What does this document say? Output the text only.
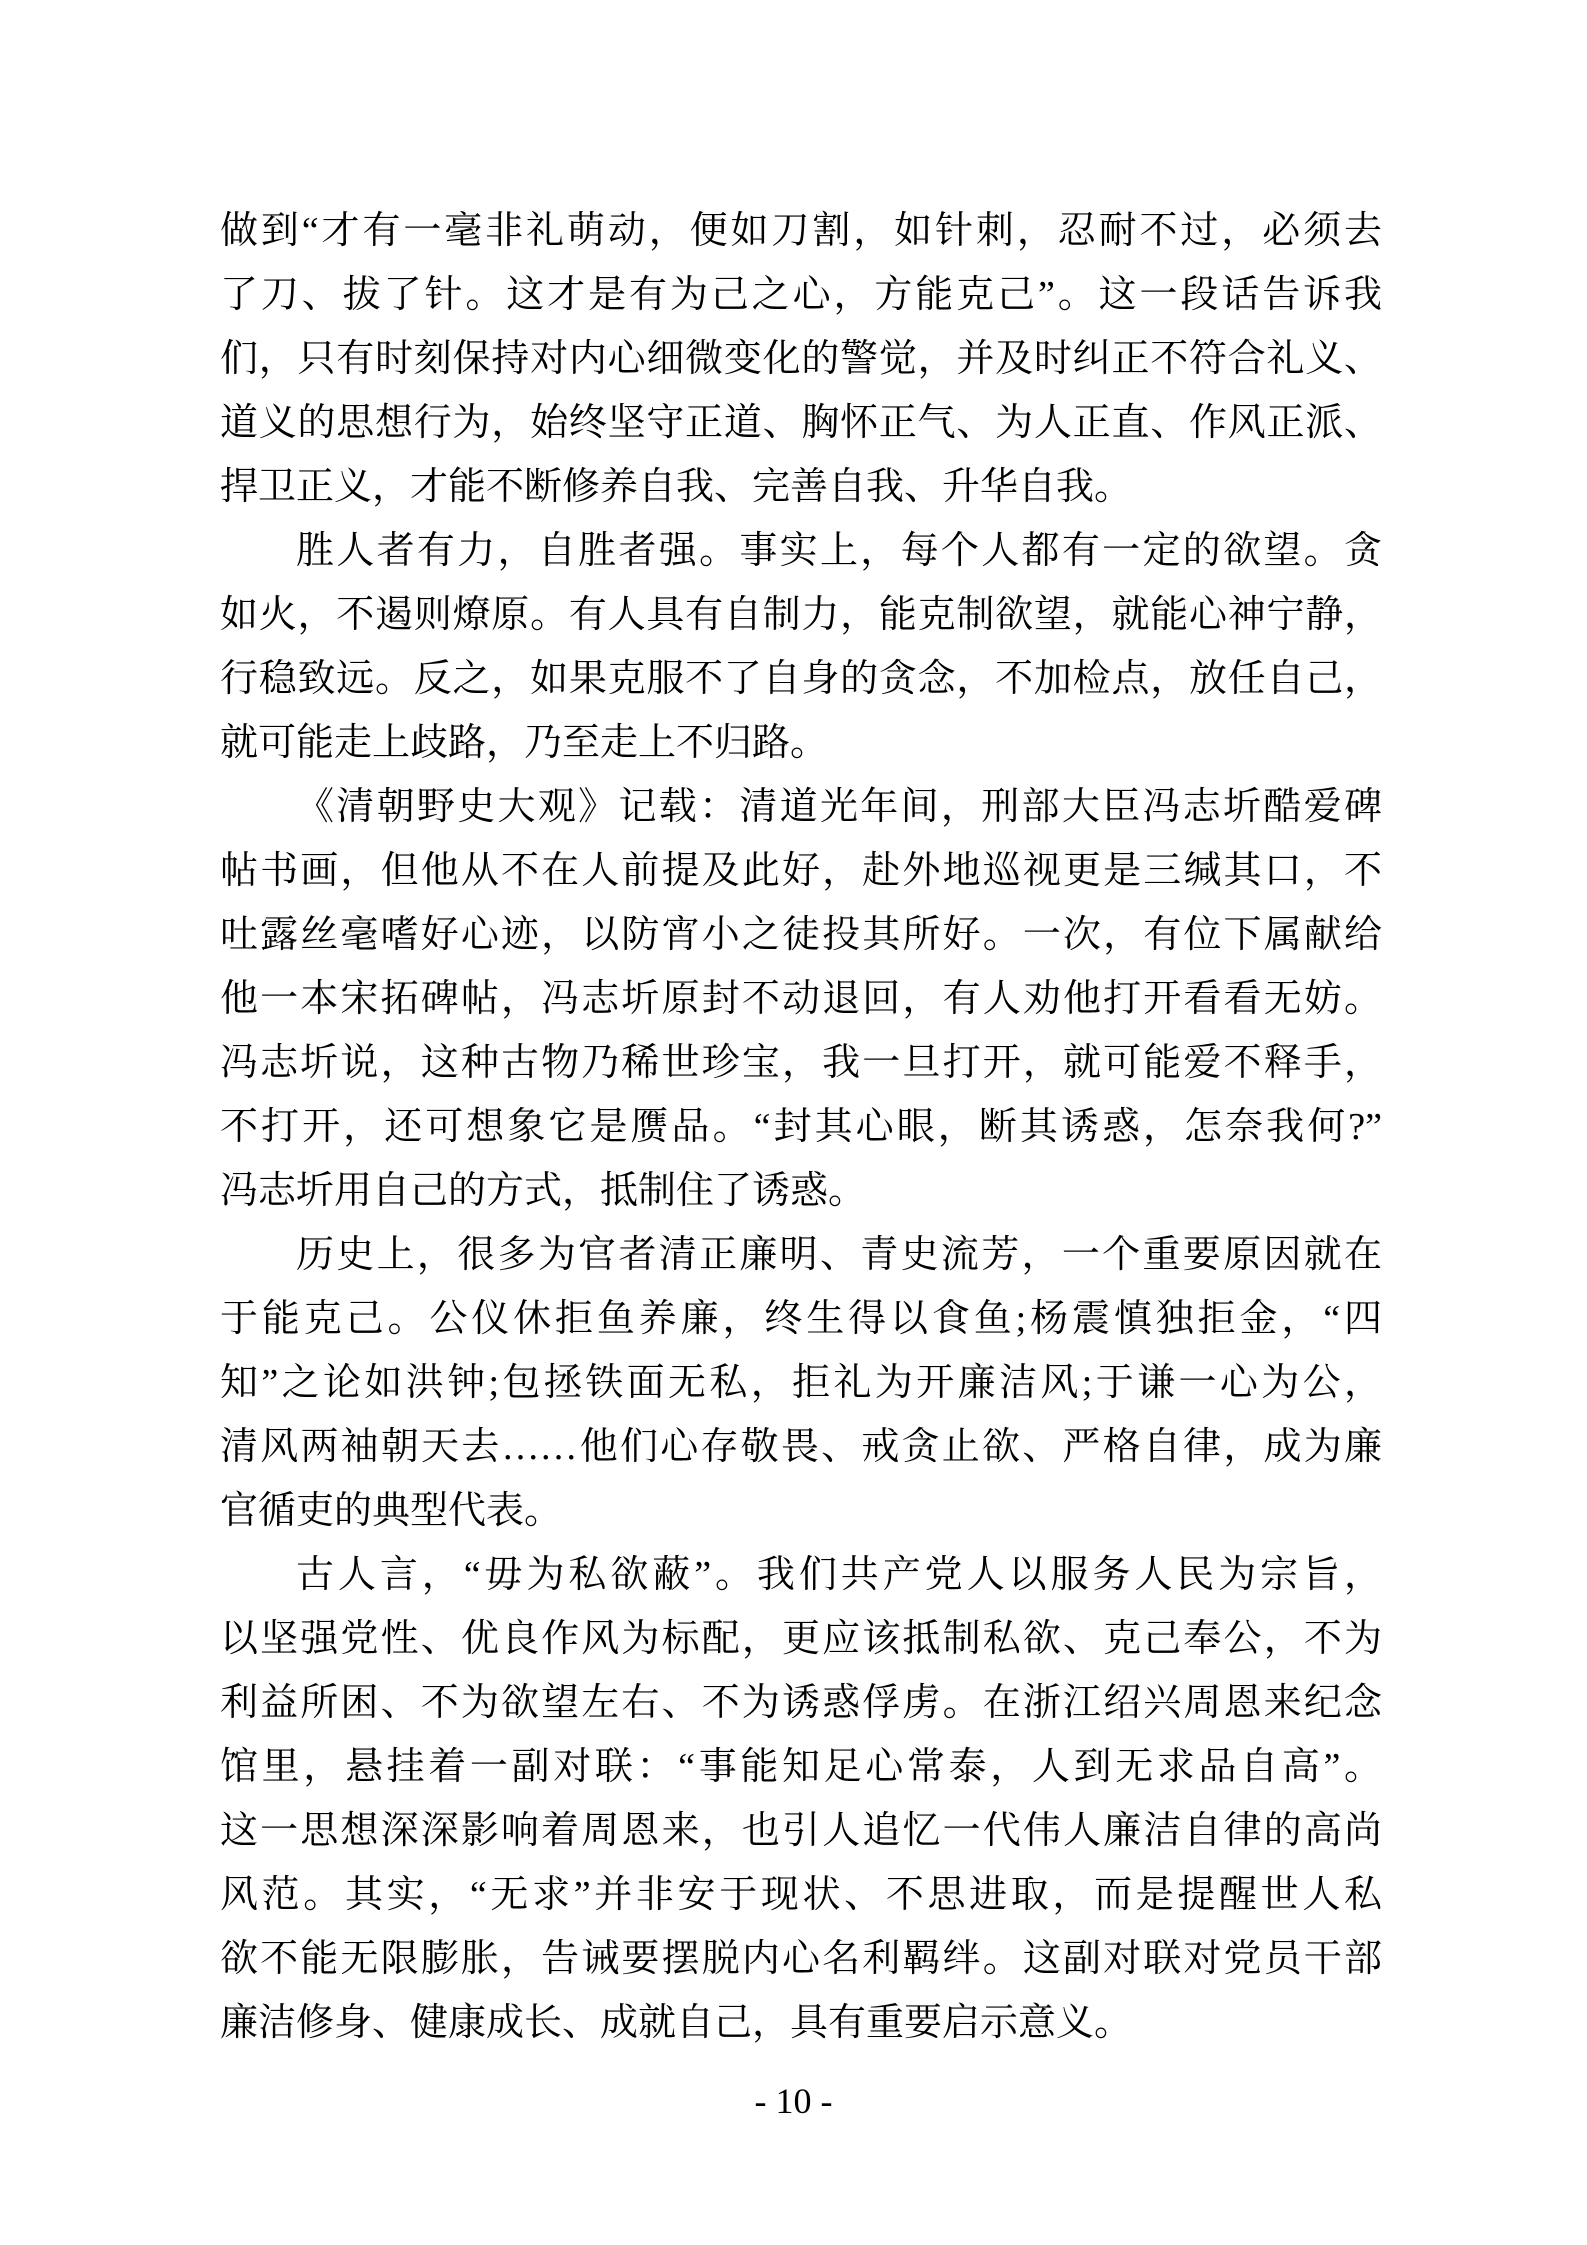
做到“才有一毫非礼萌动，便如刀割，如针刺，忍耐不过，必须去
了刀、拔了针。这才是有为己之心，方能克己”。这一段话告诉我
们，只有时刻保持对内心细微变化的警觉，并及时纠正不符合礼义、
道义的思想行为，始终坚守正道、胸怀正气、为人正直、作风正派、
捍卫正义，才能不断修养自我、完善自我、升华自我。
胜人者有力，自胜者强。事实上，每个人都有一定的欲望。贪
如火，不遏则燎原。有人具有自制力，能克制欲望，就能心神宁静，
行稳致远。反之，如果克服不了自身的贪念，不加检点，放任自己，
就可能走上歧路，乃至走上不归路。
《清朝野史大观》记载：清道光年间，刑部大臣冯志圻酷爱碑
帖书画，但他从不在人前提及此好，赴外地巡视更是三缄其口，不
吐露丝毫嗜好心迹，以防宵小之徒投其所好。一次，有位下属献给
他一本宋拓碑帖，冯志圻原封不动退回，有人劝他打开看看无妨。
冯志圻说，这种古物乃稀世珍宝，我一旦打开，就可能爱不释手，
不打开，还可想象它是赝品。“封其心眼，断其诱惑，怎奈我何?”
冯志圻用自己的方式，抵制住了诱惑。
历史上，很多为官者清正廉明、青史流芳，一个重要原因就在
于能克己。公仪休拒鱼养廉，终生得以食鱼;杨震慎独拒金，“四
知”之论如洪钟;包拯铁面无私，拒礼为开廉洁风;于谦一心为公，
清风两袖朝天去……他们心存敬畏、戒贪止欲、严格自律，成为廉
官循吏的典型代表。
古人言，“毋为私欲蔽”。我们共产党人以服务人民为宗旨，
以坚强党性、优良作风为标配，更应该抵制私欲、克己奉公，不为
利益所困、不为欲望左右、不为诱惑俘虏。在浙江绍兴周恩来纪念
馆里，悬挂着一副对联：“事能知足心常泰，人到无求品自高”。
这一思想深深影响着周恩来，也引人追忆一代伟人廉洁自律的高尚
风范。其实，“无求”并非安于现状、不思进取，而是提醒世人私
欲不能无限膨胀，告诫要摆脱内心名利羁绊。这副对联对党员干部
廉洁修身、健康成长、成就自己，具有重要启示意义。
- 10 -
